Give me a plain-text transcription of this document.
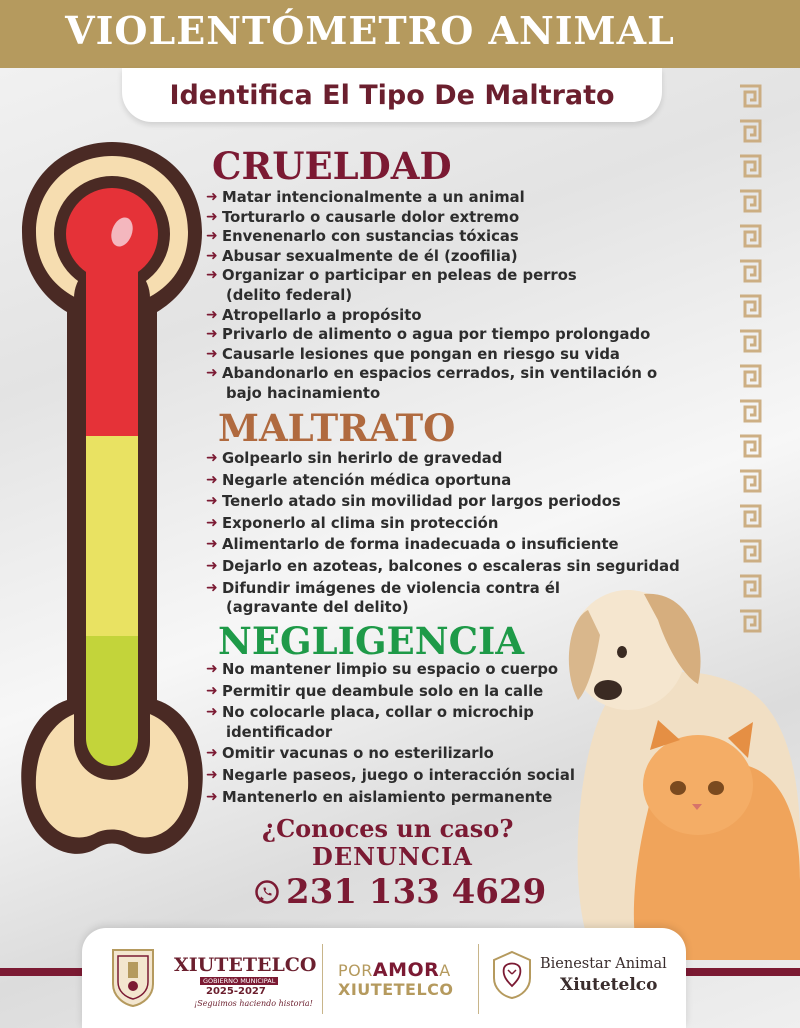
VIOLENTÓMETRO ANIMAL
Identifica El Tipo De Maltrato
CRUELDAD
➜ Matar intencionalmente a un animal
➜ Torturarlo o causarle dolor extremo
➜ Envenenarlo con sustancias tóxicas
➜ Abusar sexualmente de él (zoofilia)
➜ Organizar o participar en peleas de perros
(delito federal)
➜ Atropellarlo a propósito
➜ Privarlo de alimento o agua por tiempo prolongado
➜ Causarle lesiones que pongan en riesgo su vida
➜ Abandonarlo en espacios cerrados, sin ventilación o
bajo hacinamiento
MALTRATO
➜ Golpearlo sin herirlo de gravedad
➜ Negarle atención médica oportuna
➜ Tenerlo atado sin movilidad por largos periodos
➜ Exponerlo al clima sin protección
➜ Alimentarlo de forma inadecuada o insuficiente
➜ Dejarlo en azoteas, balcones o escaleras sin seguridad
➜ Difundir imágenes de violencia contra él
(agravante del delito)
NEGLIGENCIA
➜ No mantener limpio su espacio o cuerpo
➜ Permitir que deambule solo en la calle
➜ No colocarle placa, collar o microchip
identificador
➜ Omitir vacunas o no esterilizarlo
➜ Negarle paseos, juego o interacción social
➜ Mantenerlo en aislamiento permanente
¿Conoces un caso?
DENUNCIA
231 133 4629
XIUTETELCO
GOBIERNO MUNICIPAL
2025-2027
¡Seguimos haciendo historia!
PORAMORA
XIUTETELCO
Bienestar Animal
Xiutetelco
